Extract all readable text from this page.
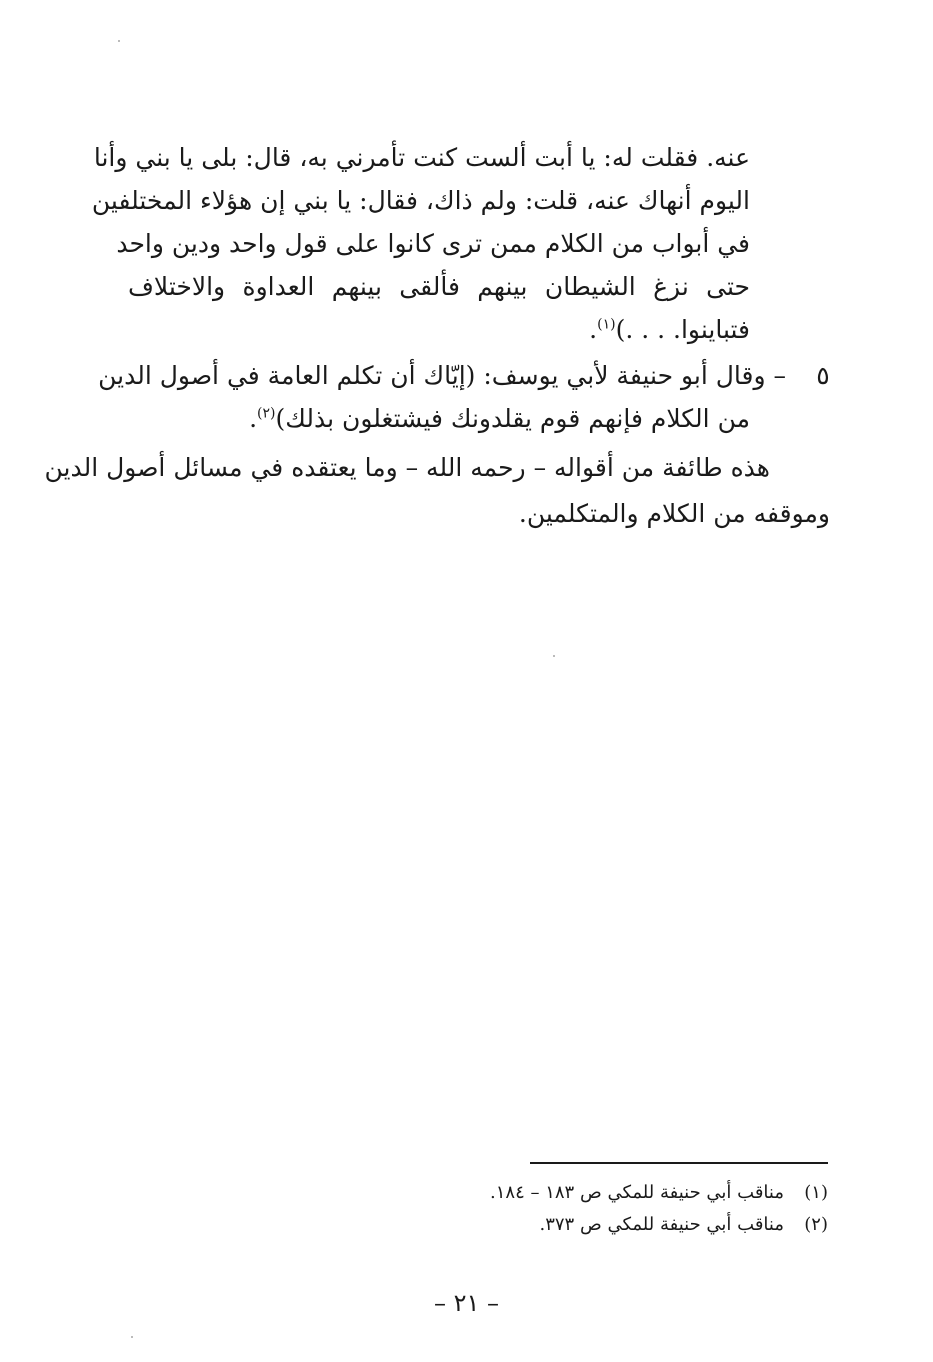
عنه. فقلت له: يا أبت ألست كنت تأمرني به، قال: بلى يا بني وأنا
اليوم أنهاك عنه، قلت: ولم ذاك، فقال: يا بني إن هؤلاء المختلفين
في أبواب من الكلام ممن ترى كانوا على قول واحد ودين واحد
حتى نزغ الشيطان بينهم فألقى بينهم العداوة والاختلاف
فتباينوا. . . .)$^{(١)}$.
٥
– وقال أبو حنيفة لأبي يوسف: (إيّاك أن تكلم العامة في أصول الدين
من الكلام فإنهم قوم يقلدونك فيشتغلون بذلك)$^{(٢)}$.
هذه طائفة من أقواله – رحمه الله – وما يعتقده في مسائل أصول الدين
وموقفه من الكلام والمتكلمين.
(١)مناقب أبي حنيفة للمكي ص ١٨٣ – ١٨٤.
(٢)مناقب أبي حنيفة للمكي ص ٣٧٣.
– ٢١ –
